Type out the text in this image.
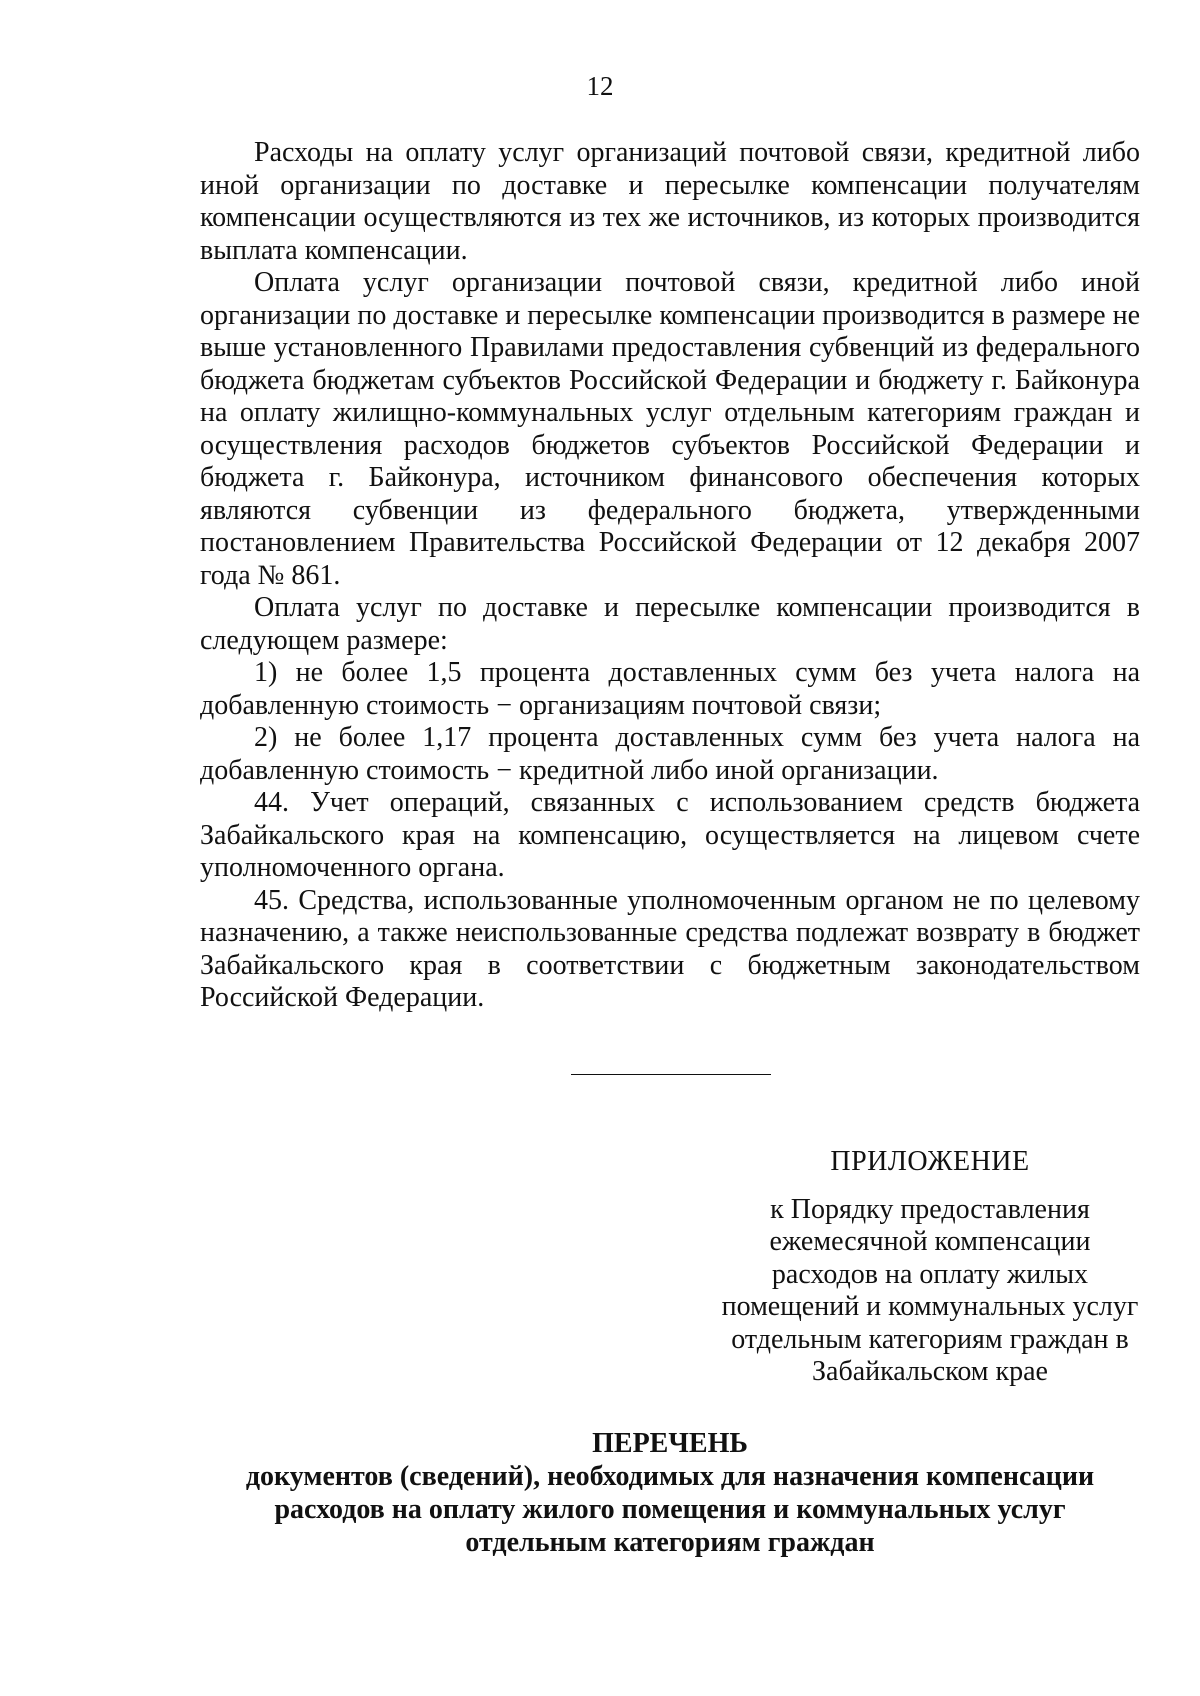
12

Расходы на оплату услуг организаций почтовой связи, кредитной либо иной организации по доставке и пересылке компенсации получателям компенсации осуществляются из тех же источников, из которых производится выплата компенсации.

Оплата услуг организации почтовой связи, кредитной либо иной организации по доставке и пересылке компенсации производится в размере не выше установленного Правилами предоставления субвенций из федерального бюджета бюджетам субъектов Российской Федерации и бюджету г. Байконура на оплату жилищно-коммунальных услуг отдельным категориям граждан и осуществления расходов бюджетов субъектов Российской Федерации и бюджета г. Байконура, источником финансового обеспечения которых являются субвенции из федерального бюджета, утвержденными постановлением Правительства Российской Федерации от 12 декабря 2007 года № 861.

Оплата услуг по доставке и пересылке компенсации производится в следующем размере:

1) не более 1,5 процента доставленных сумм без учета налога на добавленную стоимость − организациям почтовой связи;

2) не более 1,17 процента доставленных сумм без учета налога на добавленную стоимость − кредитной либо иной организации.

44. Учет операций, связанных с использованием средств бюджета Забайкальского края на компенсацию, осуществляется на лицевом счете уполномоченного органа.

45. Средства, использованные уполномоченным органом не по целевому назначению, а также неиспользованные средства подлежат возврату в бюджет Забайкальского края в соответствии с бюджетным законодательством Российской Федерации.

ПРИЛОЖЕНИЕ
к Порядку предоставления
ежемесячной компенсации
расходов на оплату жилых
помещений и коммунальных услуг
отдельным категориям граждан в
Забайкальском крае
ПЕРЕЧЕНЬ
документов (сведений), необходимых для назначения компенсации
расходов на оплату жилого помещения и коммунальных услуг
отдельным категориям граждан
